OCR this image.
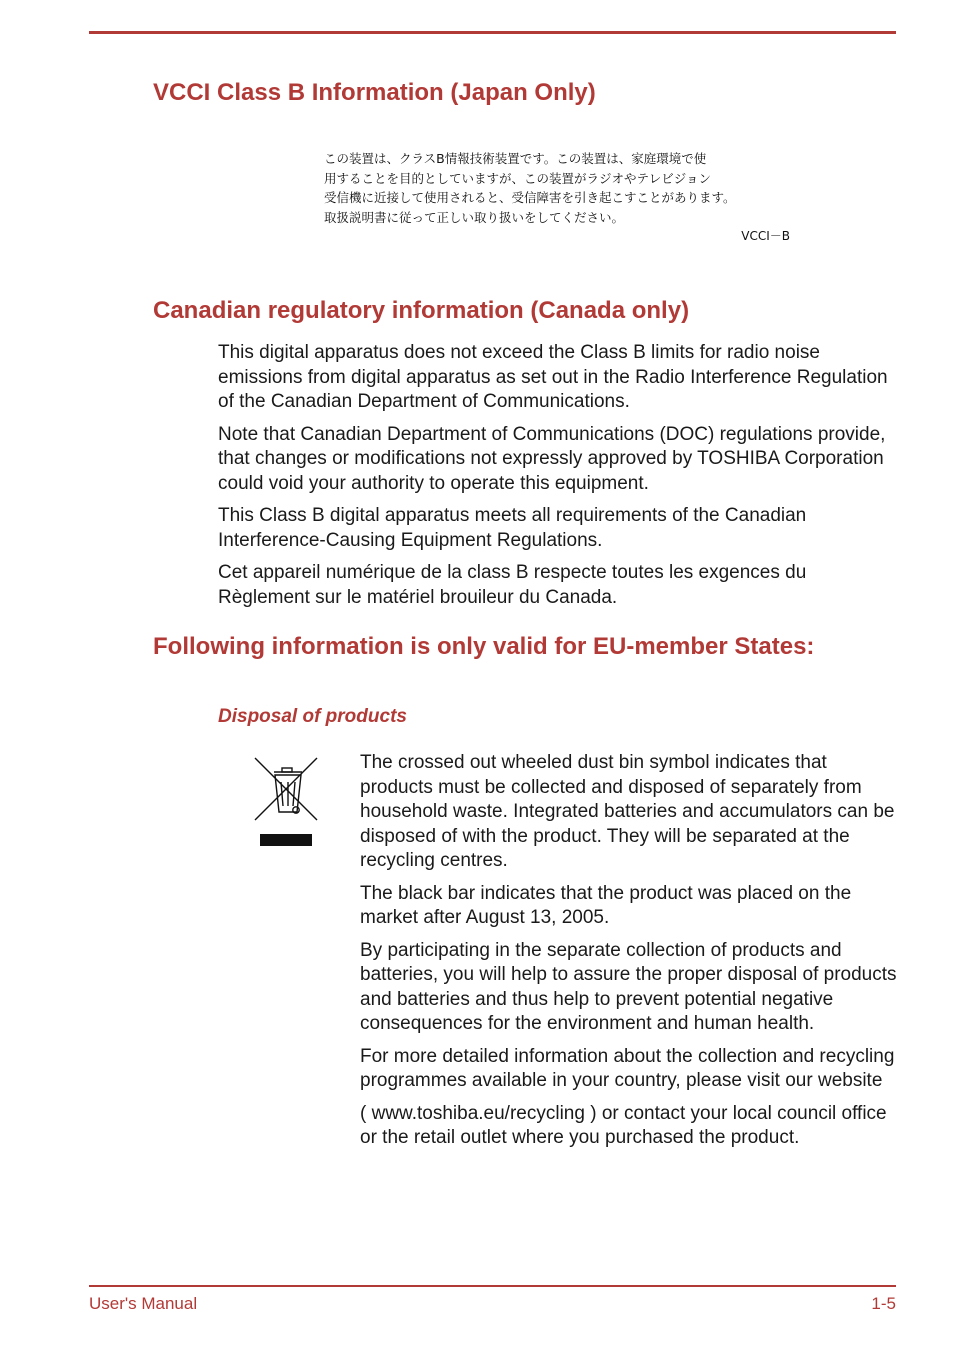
VCCI Class B Information (Japan Only)
この装置は、クラスB情報技術装置です。この装置は、家庭環境で使
用することを目的としていますが、この装置がラジオやテレビジョン
受信機に近接して使用されると、受信障害を引き起こすことがあります。
取扱説明書に従って正しい取り扱いをしてください。
VCCI－B
Canadian regulatory information (Canada only)

This digital apparatus does not exceed the Class B limits for radio noise emissions from digital apparatus as set out in the Radio Interference Regulation of the Canadian Department of Communications.

Note that Canadian Department of Communications (DOC) regulations provide, that changes or modifications not expressly approved by TOSHIBA Corporation could void your authority to operate this equipment.

This Class B digital apparatus meets all requirements of the Canadian Interference-Causing Equipment Regulations.

Cet appareil numérique de la class B respecte toutes les exgences du Règlement sur le matériel brouileur du Canada.

Following information is only valid for EU-member States:
Disposal of products

The crossed out wheeled dust bin symbol indicates that products must be collected and disposed of separately from household waste. Integrated batteries and accumulators can be disposed of with the product. They will be separated at the recycling centres.

The black bar indicates that the product was placed on the market after August 13, 2005.

By participating in the separate collection of products and batteries, you will help to assure the proper disposal of products and batteries and thus help to prevent potential negative consequences for the environment and human health.

For more detailed information about the collection and recycling programmes available in your country, please visit our website

( www.toshiba.eu/recycling ) or contact your local council office or the retail outlet where you purchased the product.

User's Manual	1-5
